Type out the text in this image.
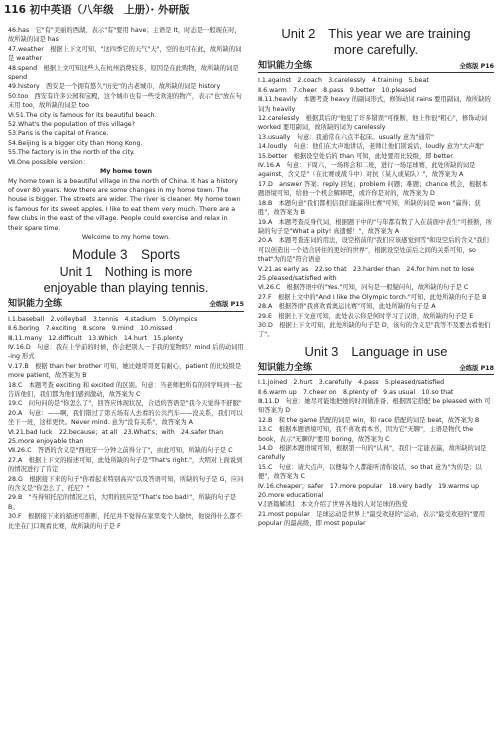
116 初中英语（八年级　上册）· 外研版

46.has　它"有"美丽的西湖，表示"有"要用 have；主语是 It，时态是一般现在时，故所缺的词是 has

47.weather　根据上下文可知，"这四季它的天气"天"，空的也可在此，故所缺的词是 weather

48.spend　根据上文可知这些人在杭州消费较多，原因是在此购物，故所缺的词是 spend

49.history　西安是一个拥有悠久"历史"的古老城市，故所缺的词是 history

50.too　西安有许多公园和宝殿，这个城市也有一些受欢迎的物产，表示"也"放在句末用 too，故所缺的词是 too

Ⅵ.51.The city is famous for its beautiful beach.

52.What's the population of this village?

53.Paris is the capital of France.

54.Beijing is a bigger city than Hong Kong.

55.The factory is in the north of the city.

Ⅶ.One possible version：

My home town

My home town is a beautiful village in the north of China. It has a history of over 80 years. Now there are some changes in my home town. The house is bigger. The streets are wider. The river is cleaner. My home town is famous for its sweet apples. I like to eat them very much. There are a few clubs in the east of the village. People could exercise and relax in their spare time.

Welcome to my home town.

Module 3　Sports
Unit 1　Nothing is more
enjoyable than playing tennis.
知识能力全练	全练版 P15

Ⅰ.1.baseball　2.volleyball　3.tennis　4.stadium　5.Olympics

Ⅱ.6.boring　7.exciting　8.score　9.mind　10.missed

Ⅲ.11.many　12.difficult　13.Which　14.hurt　15.plenty

Ⅳ.16.D　句意：我在上学前的时候，你会把别人一手我的宠物吗？mind 后的动词用 -ing 形式

Ⅴ.17.B　根据 than her brother 可知，她比她哥哥更有耐心，patient 的比较级是 more patient，故答案为 B

18.C　本题考查 exciting 和 excited 的区别。句意：当老师把所有的同学叫到一起告诉他们，我们都为他们感到激动，故答案为 C

19.C　问句问的是"你怎么了"，回答应体现状况，合适的答语是"我今天觉得不舒服"

20.A　句意：——啊，我们错过了第五场有人去看的公共汽车——没关系，我们可以坐下一班，这样更快。Never mind. 意为"没有关系"，故答案为 A

Ⅵ.21.bad luck　22.because；at all　23.What's；with　24.safer than

25.more enjoyable than

Ⅶ.26.C　答语的含义是"西班牙一分钟之前得分了"，由此可知，所缺的句子是 C

27.A　根据上下文的描述可知，此处所缺的句子是"That's right."，大明对上面说到的情况进行了肯定

28.G　根据接下来的句子"你看起来特别高兴"以及答语可知，所缺的句子是 G，应问的含义是"你怎么了，托尼？"

29.B　"当得知托尼的情况之后，大明的回应是"That's too bad!"，所缺的句子是 B。

30.F　根据接下来的描述可推断，托尼并不觉得在家里变个人偷快，他说得什么都不比坐在门口观看比赛，故所缺的句子是 F

Unit 2　This year we are training
more carefully.
知识能力全练	全练版 P16

Ⅰ.1.against　2.coach　3.carelessly　4.training　5.beat

Ⅱ.6.warm　7.cheer　8.pass　9.better　10.pleased

Ⅲ.11.heavily　本题考查 heavy 的副词形式，修饰动词 rains 要用副词，故所缺的词为 heavily

12.carelessly　根据其后的"他犯了许多错误"可推断，他上作很"粗心"，修饰动词 worked 要用副词，故所缺的词为 carelessly

13.usually　句意：我通常在六点半起床。usually 意为"通常"

14.loudly　句意：他们在大声地讲话，老师让他们别说话，loudly 意为"大声地"

15.better　根据设空处后的 than 可知，此处要用比较级，即 better

Ⅳ.16.A　句意：下周六，一场将会和二班，进行一场足球赛，此处所缺的词是 against，含义是"（在比赛或战斗中）对抗（某人或某队）"，故答案为 A

17.D　answer 答案；reply 回复；problem 问题；难题；chance 机会，根据本题语境可知，给他一个机会解释吧，或许你是对的，故答案为 D

18.B　本题句意"我们都相信我们能赢得比赛"可知，所缺的词是 won "赢得；获胜"，故答案为 B

19.A　本题考查反身代词，根据题干中的"与年都有数了入在前面中表生"可推断，所缺的句子是"What a pity! 真遗憾！"，故答案为 A

20.A　本题考查连词的用法，设空格前的"我们应该感觉到雪"和设空后的含义"我们可以创造出一个适合居住的更好的世界"，根据设空处前后之间的关系可知，so that"为的是"符合语意

Ⅴ.21.as early as　22.so that　23.harder than　24.for him not to lose

25.pleased/satisfied with

Ⅵ.26.C　根据答语中的"Yes."可知，问句是一般疑问句，故所缺的句子是 C

27.F　根据上文中的"And I like the Olympic torch."可知，此处所缺的句子是 B

28.A　根据答语"我喜欢看奥运比赛"可知，此处所缺的句子是 A

29.E　根据上下文意可知，此处表示你是何时学习了汉语，故所缺的句子是 E

30.D　根据上下文可知，此处所缺的句子是 D，该句的含义是"我等不及要去看他们了"。

Unit 3　Language in use
知识能力全练	全练版 P18

Ⅰ.1.joined　2.hurt　3.carefully　4.pass　5.pleased/satisfied

Ⅱ.6.warm up　7.cheer on　8.plenty of　9.as usual　10.so that

Ⅲ.11.D　句意：她尽可能地把她的时间做准备，根据固定搭配 be pleased with 可知答案为 D

12.B　和 the game 搭配的词是 win，和 race 搭配的词是 beat，故答案为 B

13.C　根据本题语境可知，我不喜欢看本书，因为它"无聊"，主语是物代 the book，表示"无聊的"要用 boring，故答案为 C

14.D　根据本题语境可知，根据第一句的"认真"，我们一定能表赢，故所缺的词是 carefully

15.C　句意：请大点声，以便每个人都能听清你说话，so that 意为"为的是；以便"，故答案为 C

Ⅳ.16.cheaper；safer　17.more popular　18.very badly　19.warms up

20.more educational

Ⅴ.[语篇解读]　本文介绍了世界各地的人对足球的热爱

21.most popular　足球运动是世界上"最受欢迎的"运动，表示"最受欢迎的"要用 popular 的最高级，即 most popular
